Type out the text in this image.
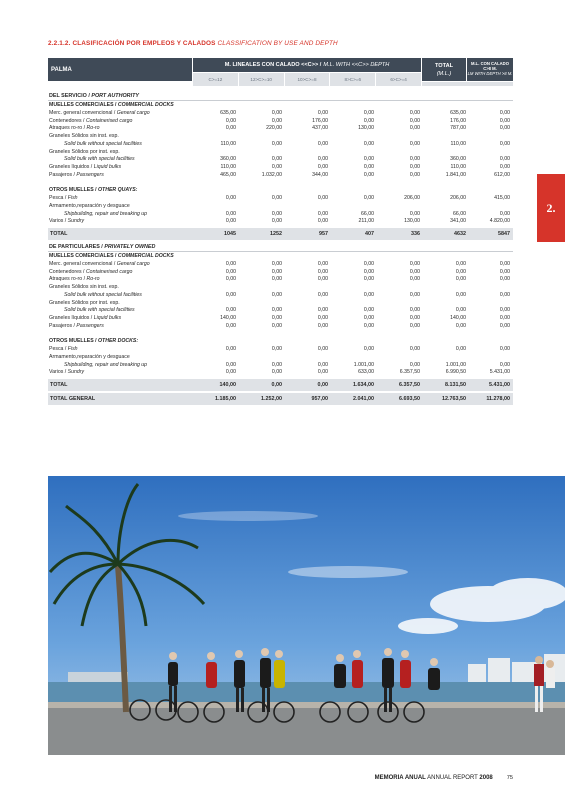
2.2.1.2. CLASIFICACIÓN POR EMPLEOS Y CALADOS CLASSIFICATION BY USE AND DEPTH
2.
PALMA
M. LINEALES CON CALADO <<C>> / M.L. WITH <<C>> DEPTH
C>=12	12>C>=10	10>C>=8	8>C>=6	6>C>=4
TOTAL
(M.L.)
M.L. CON CALADO C>8 M.
LM WITH DEPTH >8 M.
DEL SERVICIO / PORT AUTHORITY
MUELLES COMERCIALES / COMMERCIAL DOCKS
Merc. general convencional / General cargo	635,00	0,00	0,00	0,00	0,00	635,00	0,00
Contenedores / Containerised cargo	0,00	0,00	176,00	0,00	0,00	176,00	0,00
Atraques ro-ro / Ro-ro	0,00	220,00	437,00	130,00	0,00	787,00	0,00
Graneles Sólidos sin inst. esp.
Solid bulk without special facilities	110,00	0,00	0,00	0,00	0,00	110,00	0,00
Graneles Sólidos por inst. esp.
Solid bulk with special facilities	360,00	0,00	0,00	0,00	0,00	360,00	0,00
Graneles líquidos / Liquid bulks	110,00	0,00	0,00	0,00	0,00	110,00	0,00
Pasajeros / Passengers	465,00	1.032,00	344,00	0,00	0,00	1.841,00	612,00
OTROS MUELLES / OTHER QUAYS:
Pesca / Fish	0,00	0,00	0,00	0,00	206,00	206,00	415,00
Armamento,reparación y desguace
Shipbuilding, repair and breaking up	0,00	0,00	0,00	66,00	0,00	66,00	0,00
Varios / Sundry	0,00	0,00	0,00	211,00	130,00	341,00	4.820,00
TOTAL	1045	1252	957	407	336	4632	5847
DE PARTICULARES / PRIVATELY OWNED
MUELLES COMERCIALES / COMMERCIAL DOCKS
Merc. general convencional / General cargo	0,00	0,00	0,00	0,00	0,00	0,00	0,00
Contenedores / Containerised cargo	0,00	0,00	0,00	0,00	0,00	0,00	0,00
Atraques ro-ro / Ro-ro	0,00	0,00	0,00	0,00	0,00	0,00	0,00
Graneles Sólidos sin inst. esp.
Solid bulk without special facilities	0,00	0,00	0,00	0,00	0,00	0,00	0,00
Graneles Sólidos por inst. esp.
Solid bulk with special facilities	0,00	0,00	0,00	0,00	0,00	0,00	0,00
Graneles líquidos / Liquid bulks	140,00	0,00	0,00	0,00	0,00	140,00	0,00
Pasajeros / Passengers	0,00	0,00	0,00	0,00	0,00	0,00	0,00
OTROS MUELLES / OTHER DOCKS:
Pesca / Fish	0,00	0,00	0,00	0,00	0,00	0,00	0,00
Armamento,reparación y desguace
Shipbuilding, repair and breaking up	0,00	0,00	0,00	1.001,00	0,00	1.001,00	0,00
Varios / Sundry	0,00	0,00	0,00	633,00	6.357,50	6.990,50	5.431,00
TOTAL	140,00	0,00	0,00	1.634,00	6.357,50	8.131,50	5.431,00
TOTAL GENERAL	1.185,00	1.252,00	957,00	2.041,00	6.693,50	12.763,50	11.278,00
MEMORIA ANUAL ANNUAL REPORT 2008	75
